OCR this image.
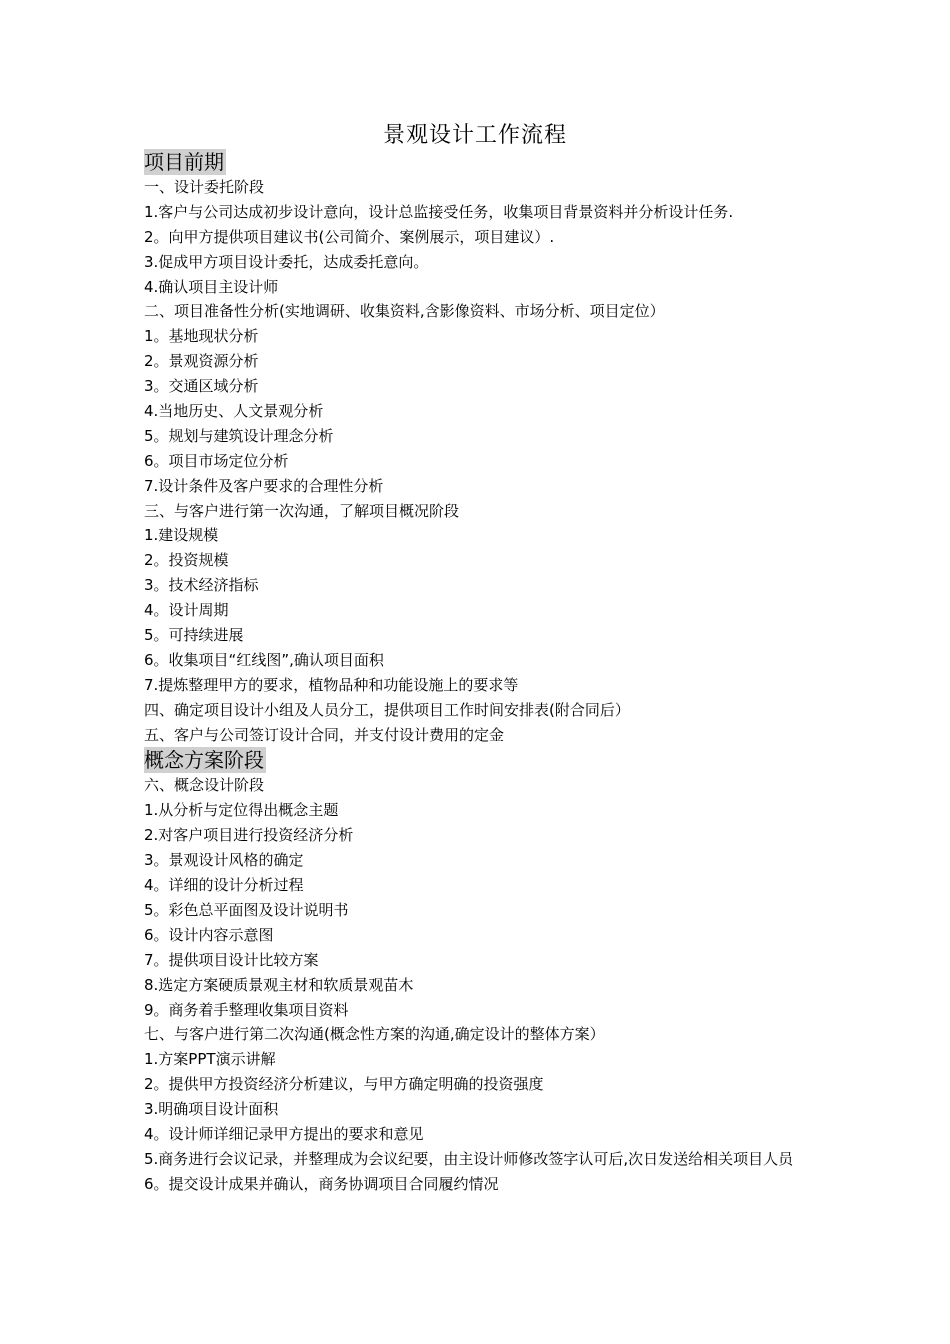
景观设计工作流程
项目前期
一、设计委托阶段
1.客户与公司达成初步设计意向，设计总监接受任务，收集项目背景资料并分析设计任务.
2。向甲方提供项目建议书(公司简介、案例展示，项目建议）.
3.促成甲方项目设计委托，达成委托意向。
4.确认项目主设计师
二、项目准备性分析(实地调研、收集资料,含影像资料、市场分析、项目定位）
1。基地现状分析
2。景观资源分析
3。交通区域分析
4.当地历史、人文景观分析
5。规划与建筑设计理念分析
6。项目市场定位分析
7.设计条件及客户要求的合理性分析
三、与客户进行第一次沟通，了解项目概况阶段
1.建设规模
2。投资规模
3。技术经济指标
4。设计周期
5。可持续进展
6。收集项目“红线图”,确认项目面积
7.提炼整理甲方的要求，植物品种和功能设施上的要求等
四、确定项目设计小组及人员分工，提供项目工作时间安排表(附合同后）
五、客户与公司签订设计合同，并支付设计费用的定金
概念方案阶段
六、概念设计阶段
1.从分析与定位得出概念主题
2.对客户项目进行投资经济分析
3。景观设计风格的确定
4。详细的设计分析过程
5。彩色总平面图及设计说明书
6。设计内容示意图
7。提供项目设计比较方案
8.选定方案硬质景观主材和软质景观苗木
9。商务着手整理收集项目资料
七、与客户进行第二次沟通(概念性方案的沟通,确定设计的整体方案）
1.方案PPT演示讲解
2。提供甲方投资经济分析建议，与甲方确定明确的投资强度
3.明确项目设计面积
4。设计师详细记录甲方提出的要求和意见
5.商务进行会议记录，并整理成为会议纪要，由主设计师修改签字认可后,次日发送给相关项目人员
6。提交设计成果并确认，商务协调项目合同履约情况
